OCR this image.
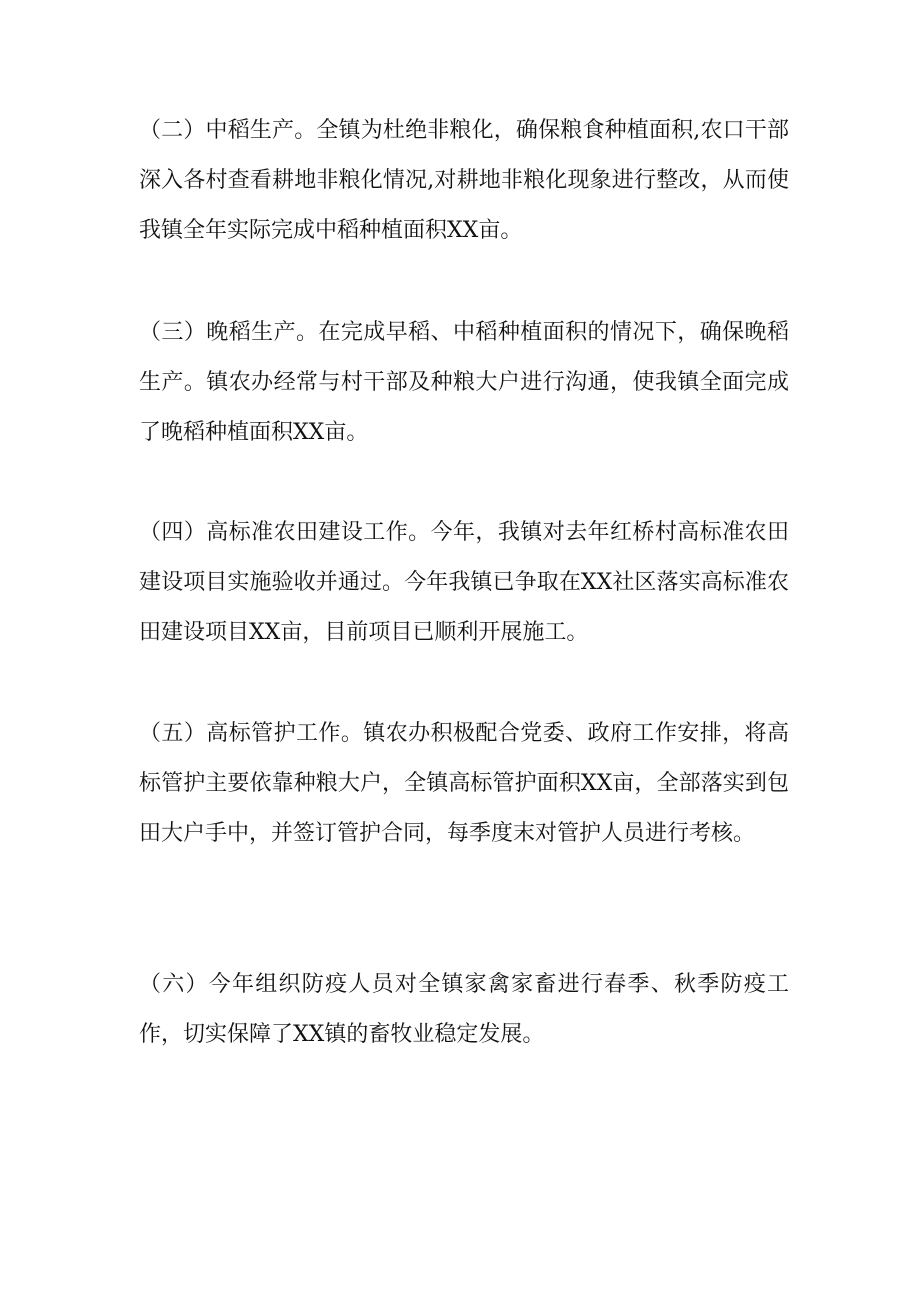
（二）中稻生产。全镇为杜绝非粮化，确保粮食种植面积,农口干部深入各村查看耕地非粮化情况,对耕地非粮化现象进行整改，从而使我镇全年实际完成中稻种植面积XX亩。

（三）晚稻生产。在完成早稻、中稻种植面积的情况下，确保晚稻生产。镇农办经常与村干部及种粮大户进行沟通，使我镇全面完成了晚稻种植面积XX亩。

（四）高标准农田建设工作。今年，我镇对去年红桥村高标准农田建设项目实施验收并通过。今年我镇已争取在XX社区落实高标准农田建设项目XX亩，目前项目已顺利开展施工。

（五）高标管护工作。镇农办积极配合党委、政府工作安排，将高标管护主要依靠种粮大户，全镇高标管护面积XX亩，全部落实到包田大户手中，并签订管护合同，每季度末对管护人员进行考核。

（六）今年组织防疫人员对全镇家禽家畜进行春季、秋季防疫工作，切实保障了XX镇的畜牧业稳定发展。
